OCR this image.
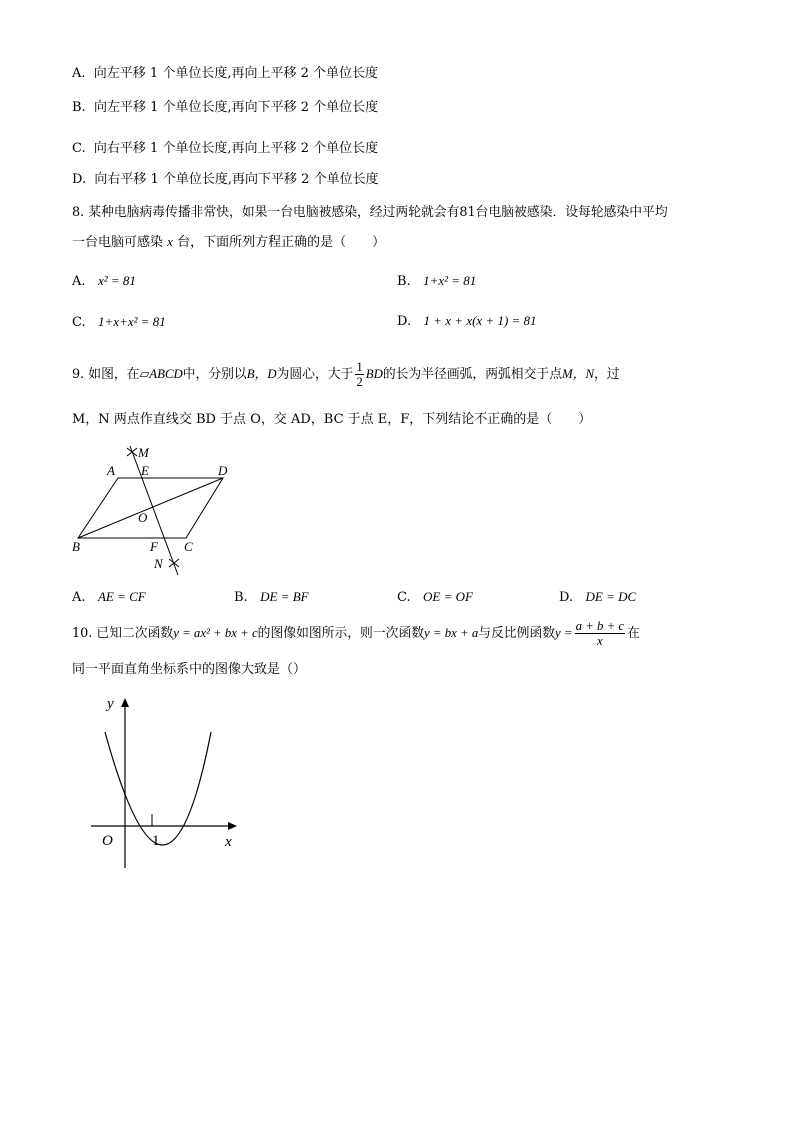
A. 向左平移 1 个单位长度,再向上平移 2 个单位长度
B. 向左平移 1 个单位长度,再向下平移 2 个单位长度
C. 向右平移 1 个单位长度,再向上平移 2 个单位长度
D. 向右平移 1 个单位长度,再向下平移 2 个单位长度
8. 某种电脑病毒传播非常快，如果一台电脑被感染，经过两轮就会有81台电脑被感染．设每轮感染中平均
一台电脑可感染 x 台，下面所列方程正确的是（　　）
A. x² = 81	B. 1+x² = 81
C. 1+x+x² = 81	D. 1 + x + x(x + 1) = 81
9. 如图，在▱ABCD中，分别以B，D为圆心，大于 $\frac{1}{2}$ BD的长为半径画弧，两弧相交于点M，N，过
M，N 两点作直线交 BD 于点 O，交 AD，BC 于点 E，F，下列结论不正确的是（　　）
M
A E	D
O
B	F C
N
A. AE = CF	B. DE = BF	C. OE = OF	D. DE = DC
10. 已知二次函数y = ax² + bx + c的图像如图所示，则一次函数y = bx + a与反比例函数$y = \frac{a + b + c}{x}$ 在
同一平面直角坐标系中的图像大致是（）
y
x
O	1
